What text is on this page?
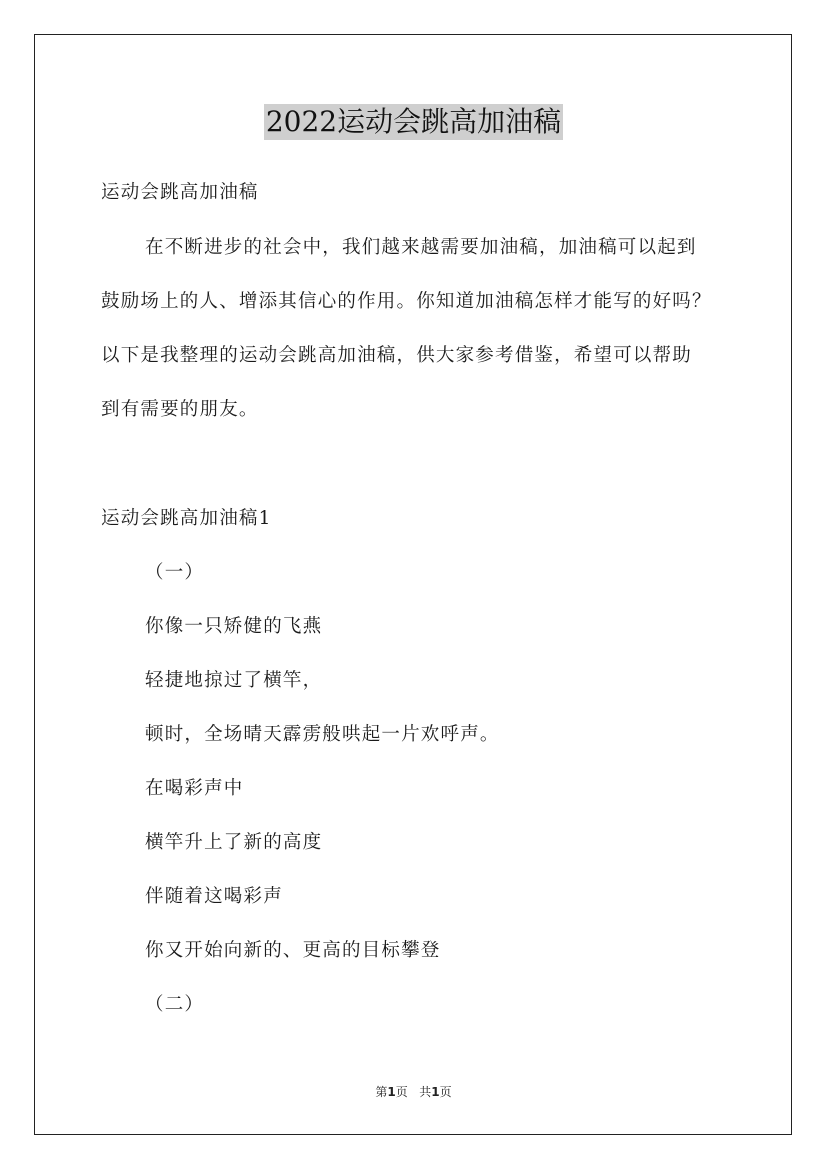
2022运动会跳高加油稿
运动会跳高加油稿
在不断进步的社会中，我们越来越需要加油稿，加油稿可以起到
鼓励场上的人、增添其信心的作用。你知道加油稿怎样才能写的好吗？
以下是我整理的运动会跳高加油稿，供大家参考借鉴，希望可以帮助
到有需要的朋友。
运动会跳高加油稿1
（一）
你像一只矫健的飞燕
轻捷地掠过了横竿，
顿时，全场晴天霹雳般哄起一片欢呼声。
在喝彩声中
横竿升上了新的高度
伴随着这喝彩声
你又开始向新的、更高的目标攀登
（二）
第1页 共1页
